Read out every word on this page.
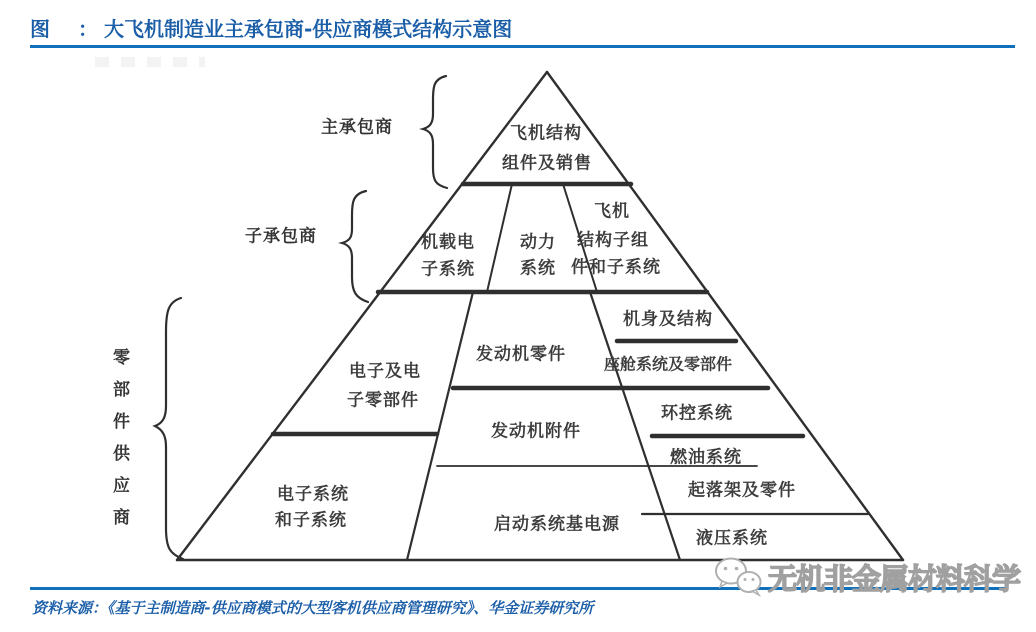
图 ： 大飞机制造业主承包商-供应商模式结构示意图
主承包商
子承包商
零部件供应商
飞机结构
组件及销售
机载电
子系统
动力
系统
飞机
结构子组
件和子系统
电子及电
子零部件
发动机零件
机身及结构
座舱系统及零部件
发动机附件
环控系统
燃油系统
电子系统
和子系统	启动系统基电源
起落架及零件
液压系统
资料来源：《基于主制造商-供应商模式的大型客机供应商管理研究》、华金证券研究所
无机非金属材料科学
